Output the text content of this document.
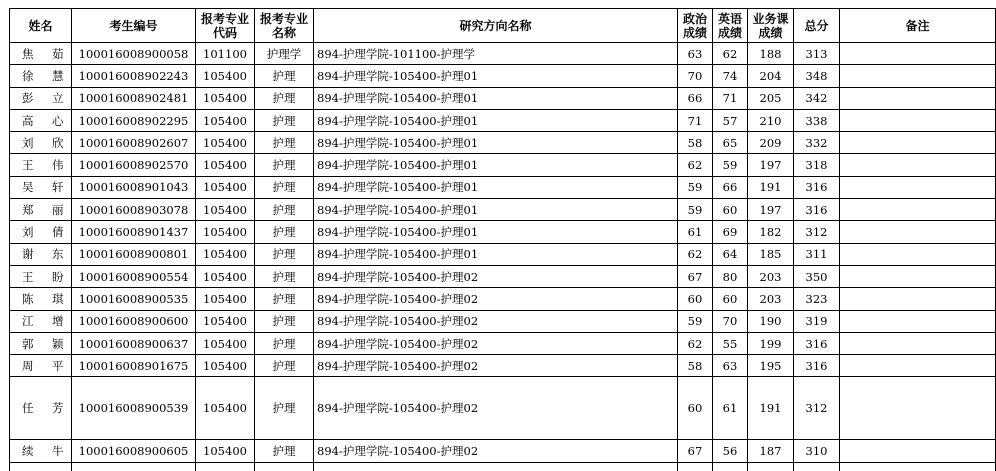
姓名	考生编号	报考专业代码	报考专业名称	研究方向名称	政治成绩	英语成绩	业务课成绩	总分	备注
焦 茹	100016008900058	101100	护理学	894-护理学院-101100-护理学	63	62	188	313	
徐 慧	100016008902243	105400	护理	894-护理学院-105400-护理01	70	74	204	348	
彭 立	100016008902481	105400	护理	894-护理学院-105400-护理01	66	71	205	342	
高 心	100016008902295	105400	护理	894-护理学院-105400-护理01	71	57	210	338	
刘 欣	100016008902607	105400	护理	894-护理学院-105400-护理01	58	65	209	332	
王 伟	100016008902570	105400	护理	894-护理学院-105400-护理01	62	59	197	318	
吴 轩	100016008901043	105400	护理	894-护理学院-105400-护理01	59	66	191	316	
郑 丽	100016008903078	105400	护理	894-护理学院-105400-护理01	59	60	197	316	
刘 倩	100016008901437	105400	护理	894-护理学院-105400-护理01	61	69	182	312	
谢 东	100016008900801	105400	护理	894-护理学院-105400-护理01	62	64	185	311	
王 盼	100016008900554	105400	护理	894-护理学院-105400-护理02	67	80	203	350	
陈 琪	100016008900535	105400	护理	894-护理学院-105400-护理02	60	60	203	323	
江 增	100016008900600	105400	护理	894-护理学院-105400-护理02	59	70	190	319	
郭 颖	100016008900637	105400	护理	894-护理学院-105400-护理02	62	55	199	316	
周 平	100016008901675	105400	护理	894-护理学院-105400-护理02	58	63	195	316	
任 芳	100016008900539	105400	护理	894-护理学院-105400-护理02	60	61	191	312	
续 牛	100016008900605	105400	护理	894-护理学院-105400-护理02	67	56	187	310	
